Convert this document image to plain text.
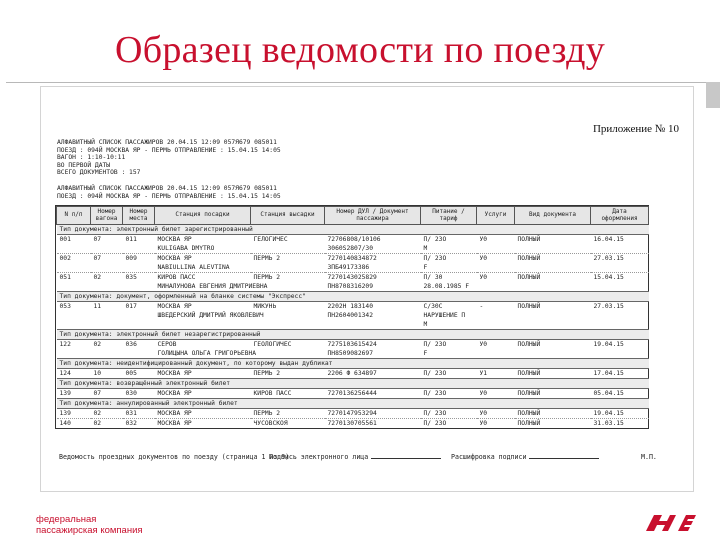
Образец ведомости по поезду
Приложение № 10
АЛФАВИТНЫЙ СПИСОК ПАССАЖИРОВ 20.04.15 12:09 057Я679 085011
ПОЕЗД : 094Й МОСКВА ЯР - ПЕРМЬ ОТПРАВЛЕНИЕ : 15.04.15 14:05
ВАГОН : 1:10-10:11
ВО ПЕРВОЙ ДАТЫ
ВСЕГО ДОКУМЕНТОВ : 157
АЛФАВИТНЫЙ СПИСОК ПАССАЖИРОВ 20.04.15 12:09 057Я679 085011
ПОЕЗД : 094Й МОСКВА ЯР - ПЕРМЬ ОТПРАВЛЕНИЕ : 15.04.15 14:05
N п/п	Номер вагона	Номер места	Станция посадки	Станция высадки	Номер ДУЛ / Документ пассажира	Питание / тариф	Услуги	Вид документа	Дата оформления
Тип документа: электронный билет зарегистрированный									
001	07	011	МОСКВА ЯР	ГЕЛОГИЧЕС	72706808/10106	П/ 23О	У0	ПОЛНЫЙ	16.04.15
			KULIGABA DMYTRO		3060S2807/30	М			
002	07	009	МОСКВА ЯР	ПЕРМЬ 2	7270140834872	П/ 23О	У0	ПОЛНЫЙ	27.03.15
			NABIULLINA ALEVTINA		3ПБ49173386	F			
051	02	035	КИРОВ ПАСС	ПЕРМЬ 2	7270143025829	П/ 30	У0	ПОЛНЫЙ	15.04.15
			МИНАЛУНОВА ЕВГЕНИЯ ДМИТРИЕВНА		ПН8708316209	28.08.1985 F			
Тип документа: документ, оформленный на бланке системы "Экспресс"									
053	11	017	МОСКВА ЯР	МИКУНЬ	2202Н 183140	С/30С	-	ПОЛНЫЙ	27.03.15
			ШВЕДЕРСКИЙ ДМИТРИЙ ЯКОВЛЕВИЧ		ПН2604001342	НАРУШЕНИЕ П			
						М			
Тип документа: электронный билет незарегистрированный									
122	02	036	СЕРОВ	ГЕОЛОГИЧЕС	7275103615424	П/ 23О	У0	ПОЛНЫЙ	19.04.15
			ГОЛИЦЫНА ОЛЬГА ГРИГОРЬЕВНА		ПН8509082697	F			
Тип документа: неидентифицированный документ, по которому выдан дубликат									
124	10	005	МОСКВА ЯР	ПЕРМЬ 2	2206 Ф 634897	П/ 23О	У1	ПОЛНЫЙ	17.04.15
Тип документа: возвращённый электронный билет									
139	07	030	МОСКВА ЯР	КИРОВ ПАСС	7270136256444	П/ 23О	У0	ПОЛНЫЙ	05.04.15
Тип документа: аннулированный электронный билет									
139	02	031	МОСКВА ЯР	ПЕРМЬ 2	7270147953294	П/ 23О	У0	ПОЛНЫЙ	19.04.15
140	02	032	МОСКВА ЯР	ЧУСОВСКОЯ	7270130705561	П/ 23О	У0	ПОЛНЫЙ	31.03.15
Ведомость проездных документов по поезду (страница 1 из 9)
Подпись электронного лица	Расшифровка подписи	М.П.
федеральная
пассажирская компания
